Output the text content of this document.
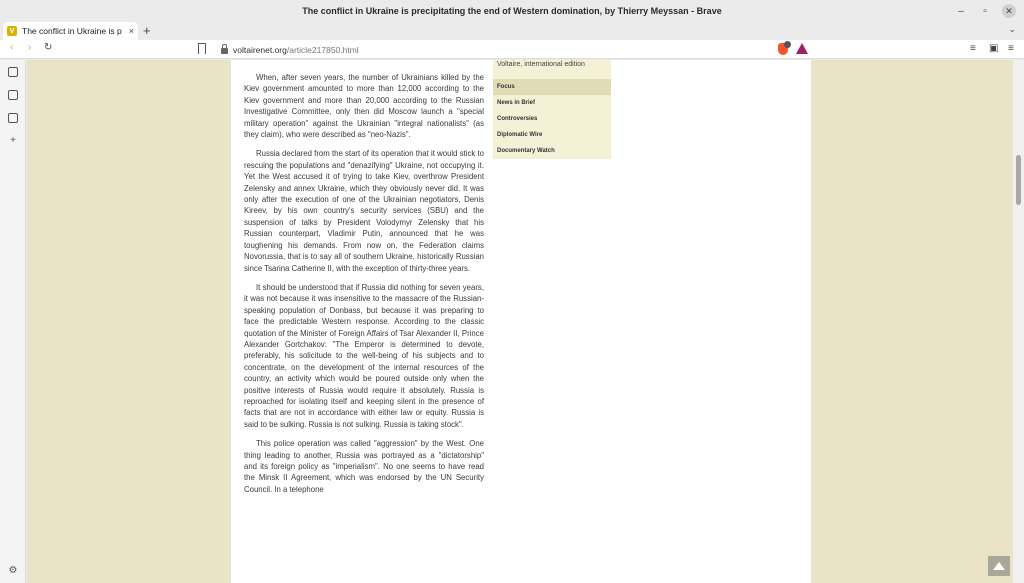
The conflict in Ukraine is precipitating the end of Western domination, by Thierry Meyssan - Brave	–	▫	✕
V The conflict in Ukraine is p × +	⌄
‹ › ↻	voltairenet.org/article217850.html	≡ ▣ ≡
+
⚙

When, after seven years, the number of Ukrainians killed by the Kiev government amounted to more than 12,000 according to the Kiev government and more than 20,000 according to the Russian Investigative Committee, only then did Moscow launch a "special military operation" against the Ukrainian "integral nationalists" (as they claim), who were described as "neo-Nazis".

Russia declared from the start of its operation that it would stick to rescuing the populations and "denazifying" Ukraine, not occupying it. Yet the West accused it of trying to take Kiev, overthrow President Zelensky and annex Ukraine, which they obviously never did. It was only after the execution of one of the Ukrainian negotiators, Denis Kireev, by his own country's security services (SBU) and the suspension of talks by President Volodymyr Zelensky that his Russian counterpart, Vladimir Putin, announced that he was toughening his demands. From now on, the Federation claims Novorussia, that is to say all of southern Ukraine, historically Russian since Tsarina Catherine II, with the exception of thirty-three years.

It should be understood that if Russia did nothing for seven years, it was not because it was insensitive to the massacre of the Russian-speaking population of Donbass, but because it was preparing to face the predictable Western response. According to the classic quotation of the Minister of Foreign Affairs of Tsar Alexander II, Prince Alexander Gortchakov: "The Emperor is determined to devote, preferably, his solicitude to the well-being of his subjects and to concentrate, on the development of the internal resources of the country, an activity which would be poured outside only when the positive interests of Russia would require it absolutely. Russia is reproached for isolating itself and keeping silent in the presence of facts that are not in accordance with either law or equity. Russia is said to be sulking. Russia is not sulking. Russia is taking stock".

This police operation was called "aggression" by the West. One thing leading to another, Russia was portrayed as a "dictatorship" and its foreign policy as "imperialism". No one seems to have read the Minsk II Agreement, which was endorsed by the UN Security Council. In a telephone

Voltaire, international edition
Focus
News in Brief
Controversies
Diplomatic Wire
Documentary Watch
